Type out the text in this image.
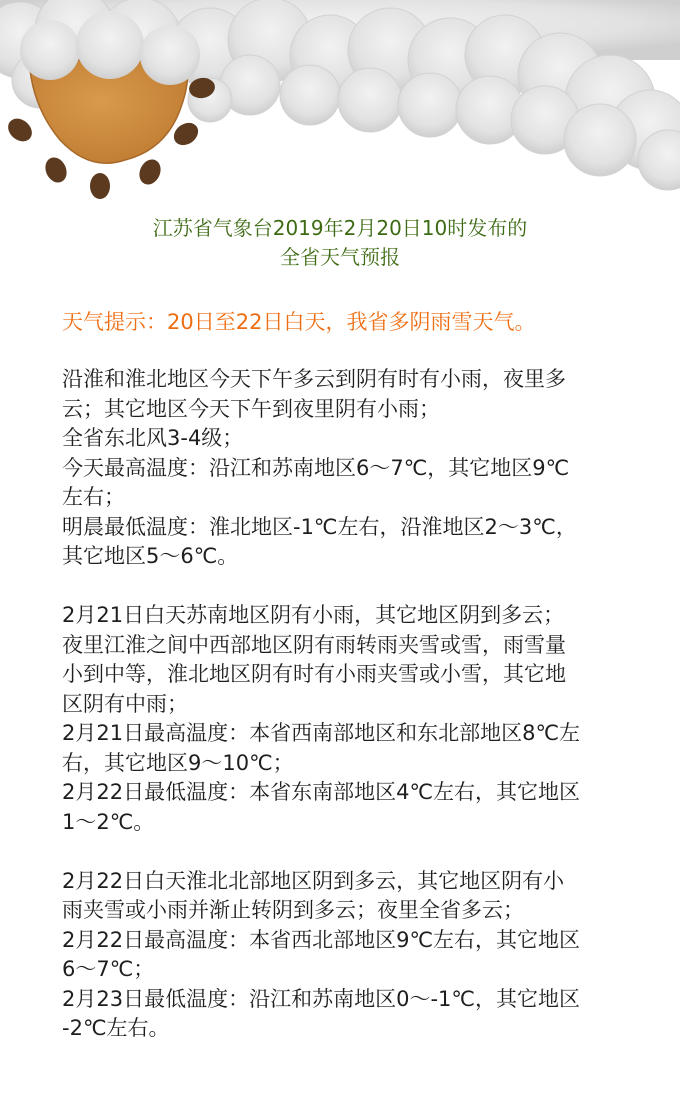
江苏省气象台2019年2月20日10时发布的
全省天气预报
天气提示：20日至22日白天，我省多阴雨雪天气。
沿淮和淮北地区今天下午多云到阴有时有小雨，夜里多
云；其它地区今天下午到夜里阴有小雨；
全省东北风3-4级；
今天最高温度：沿江和苏南地区6～7℃，其它地区9℃
左右；
明晨最低温度：淮北地区-1℃左右，沿淮地区2～3℃，
其它地区5～6℃。
2月21日白天苏南地区阴有小雨，其它地区阴到多云；
夜里江淮之间中西部地区阴有雨转雨夹雪或雪，雨雪量
小到中等，淮北地区阴有时有小雨夹雪或小雪，其它地
区阴有中雨；
2月21日最高温度：本省西南部地区和东北部地区8℃左
右，其它地区9～10℃；
2月22日最低温度：本省东南部地区4℃左右，其它地区
1～2℃。
2月22日白天淮北北部地区阴到多云，其它地区阴有小
雨夹雪或小雨并渐止转阴到多云；夜里全省多云；
2月22日最高温度：本省西北部地区9℃左右，其它地区
6～7℃；
2月23日最低温度：沿江和苏南地区0～-1℃，其它地区
-2℃左右。
